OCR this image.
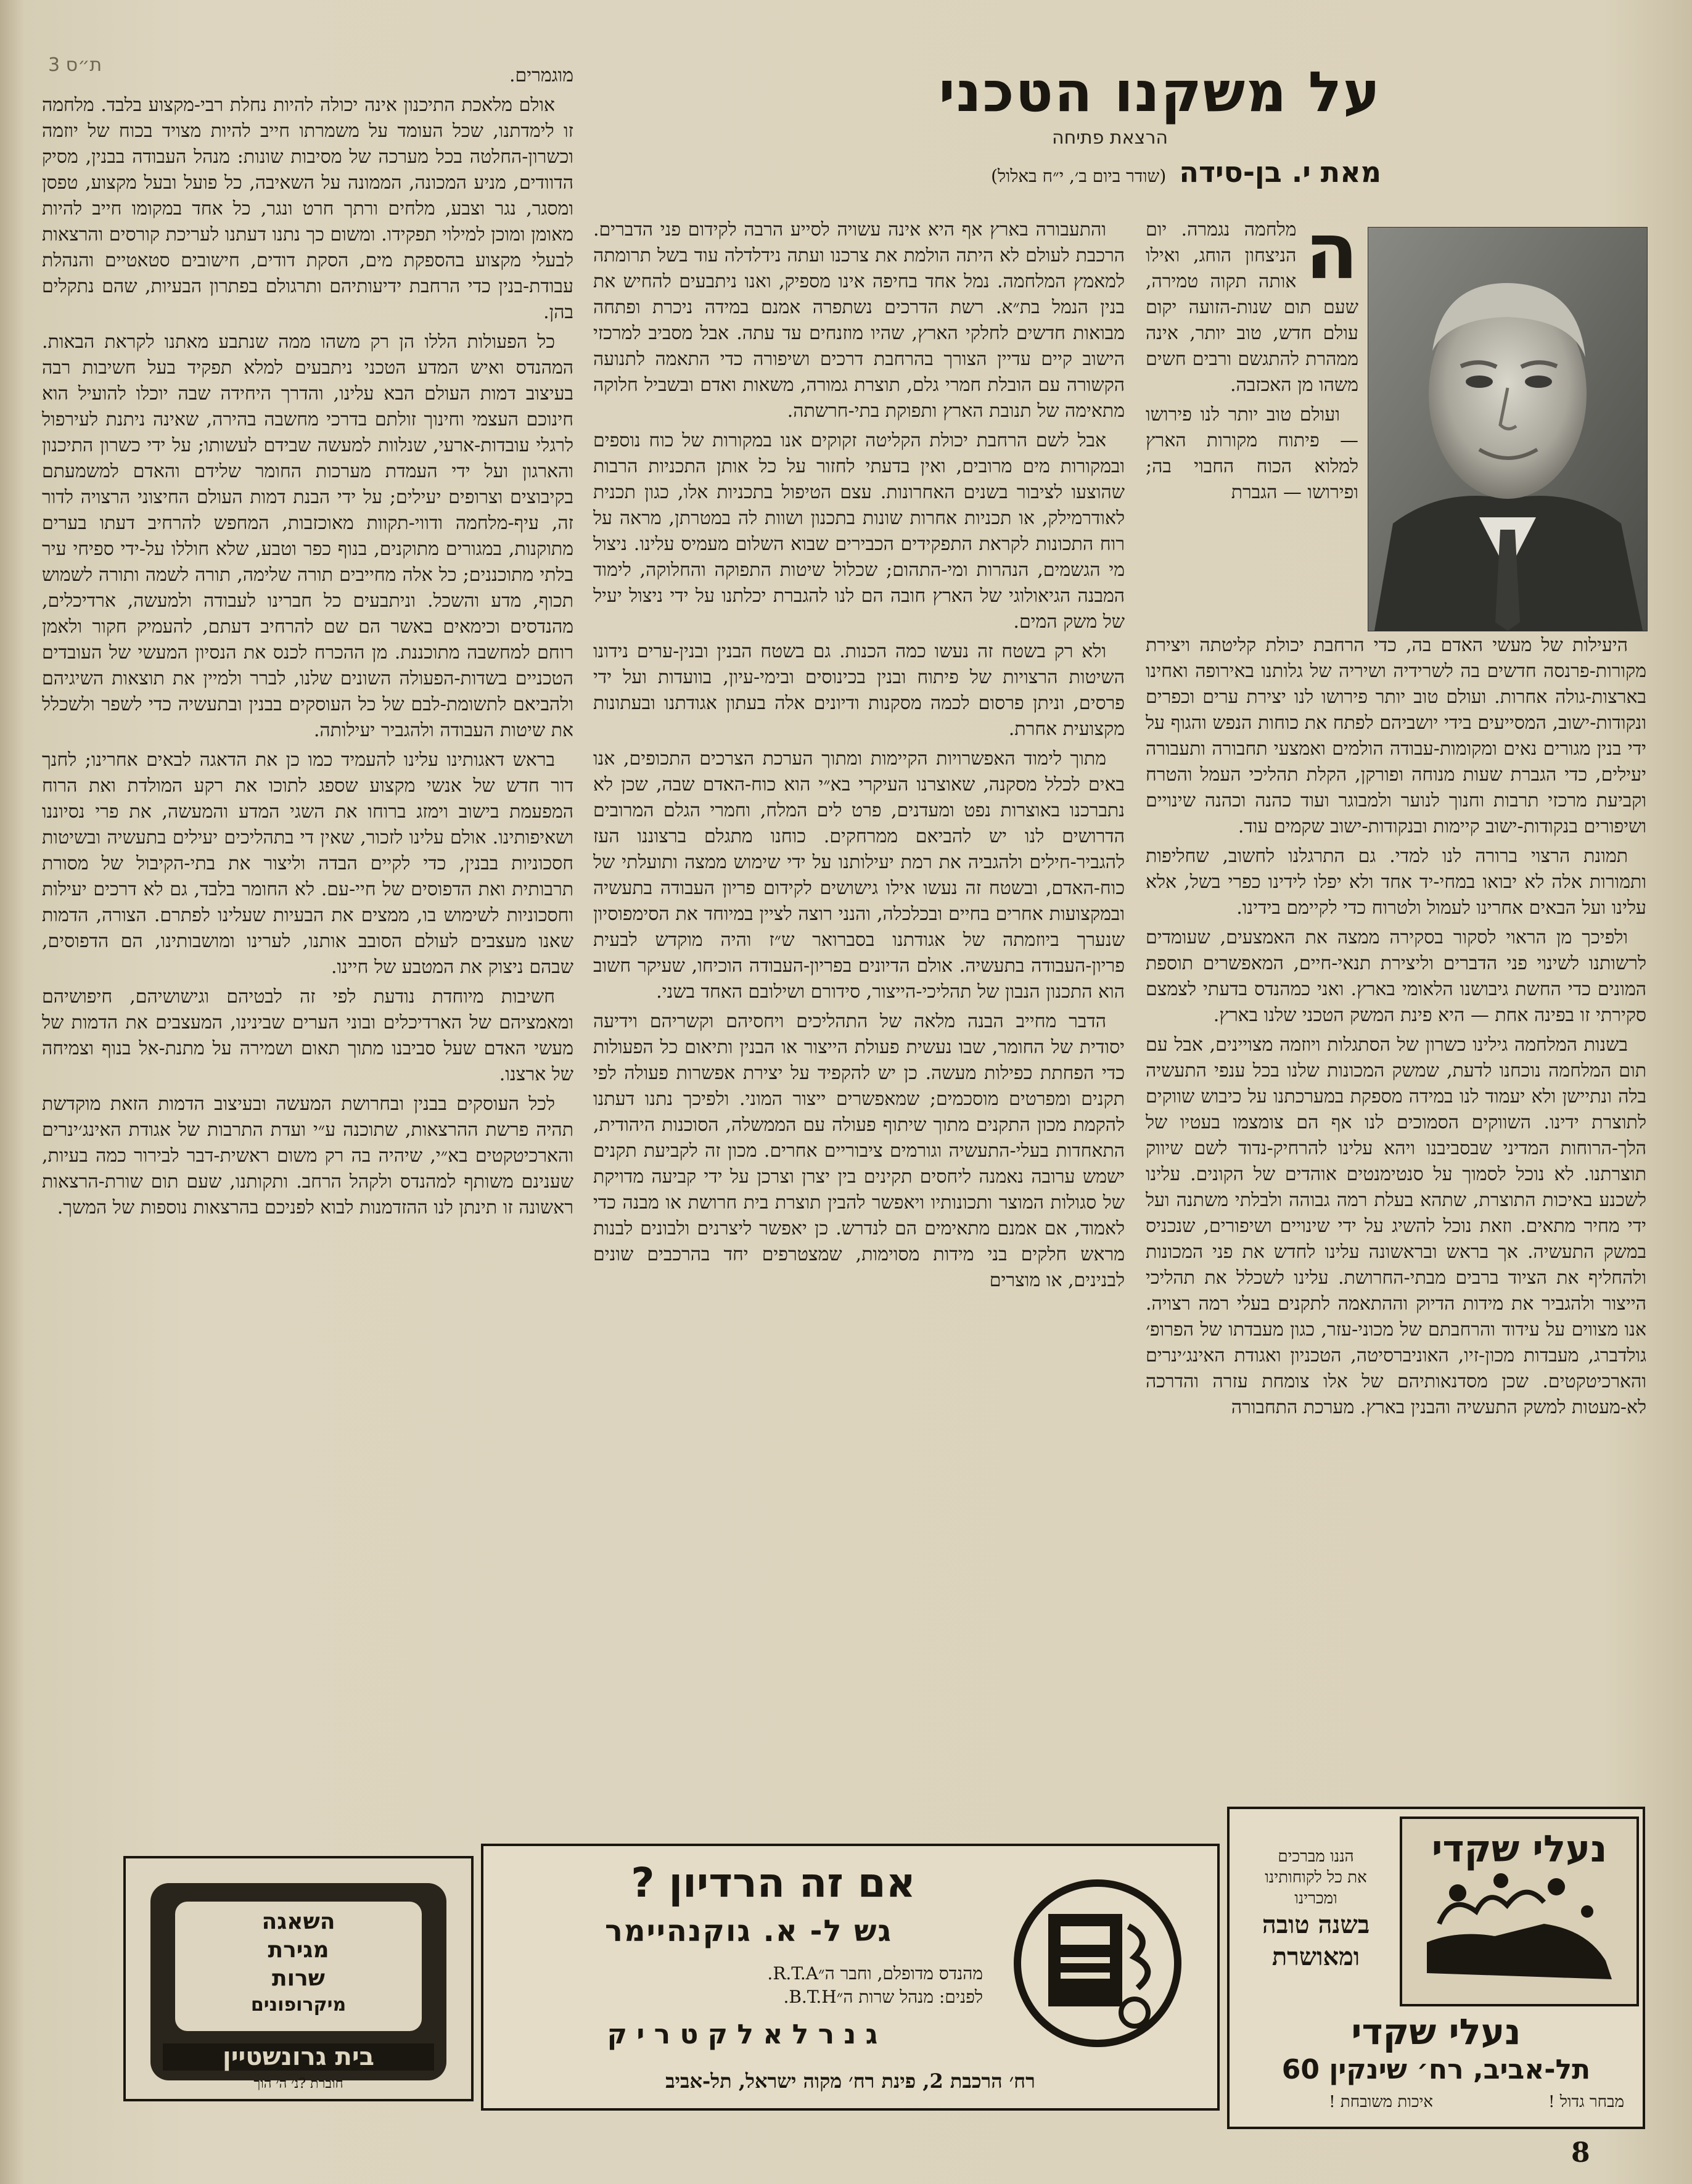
ת״ס 3	על משקנו הטכני
הרצאת פתיחה
מאת י. בן-סידה (שודר ביום ב׳, י״ח באלול)

ה
מלחמה נגמרה. יום הניצחון הוחג, ואילו אותה תקוה טמירה, שעם תום שנות-הזועה יקום עולם חדש, טוב יותר, אינה ממהרת להתגשם ורבים חשים משהו מן האכזבה.

ועולם טוב יותר לנו פירושו — פיתוח מקורות הארץ למלוא הכוח החבוי בה; ופירושו — הגברת

היעילות של מעשי האדם בה, כדי הרחבת יכולת קליטתה ויצירת מקורות-פרנסה חדשים בה לשרידיה ושיריה של גלותנו באירופה ואחינו בארצות-גולה אחרות. ועולם טוב יותר פירושו לנו יצירת ערים וכפרים ונקודות-ישוב, המסייעים בידי יושביהם לפתח את כוחות הנפש והגוף על ידי בנין מגורים נאים ומקומות-עבודה הולמים ואמצעי תחבורה ותעבורה יעילים, כדי הגברת שעות מנוחה ופורקן, הקלת תהליכי העמל והטרח וקביעת מרכזי תרבות וחנוך לנוער ולמבוגר ועוד כהנה וכהנה שינויים ושיפורים בנקודות-ישוב קיימות ובנקודות-ישוב שקמים עוד.

תמונת הרצוי ברורה לנו למדי. גם התרגלנו לחשוב, שחליפות ותמורות אלה לא יבואו במחי-יד אחד ולא יפלו לידינו כפרי בשל, אלא עלינו ועל הבאים אחרינו לעמול ולטרוח כדי לקיימם בידינו.

ולפיכך מן הראוי לסקור בסקירה ממצה את האמצעים, שעומדים לרשותנו לשינוי פני הדברים וליצירת תנאי-חיים, המאפשרים תוספת המונים כדי החשת גיבושנו הלאומי בארץ. ואני כמהנדס בדעתי לצמצם סקירתי זו בפינה אחת — היא פינת המשק הטכני שלנו בארץ.

בשנות המלחמה גילינו כשרון של הסתגלות ויוזמה מצויינים, אבל עם תום המלחמה נוכחנו לדעת, שמשק המכונות שלנו בכל ענפי התעשיה בלה ונתיישן ולא יעמוד לנו במידה מספקת במערכתנו על כיבוש שווקים לתוצרת ידינו. השווקים הסמוכים לנו אף הם צומצמו בעטיו של הלך-הרוחות המדיני שבסביבנו ויהא עלינו להרחיק-נדוד לשם שיווק תוצרתנו. לא נוכל לסמוך על סנטימנטים אוהדים של הקונים. עלינו לשכנע באיכות התוצרת, שתהא בעלת רמה גבוהה ולבלתי משתנה ועל ידי מחיר מתאים. וזאת נוכל להשיג על ידי שינויים ושיפורים, שנכניס במשק התעשיה. אך בראש ובראשונה עלינו לחדש את פני המכונות ולהחליף את הציוד ברבים מבתי-החרושת. עלינו לשכלל את תהליכי הייצור ולהגביר את מידות הדיוק וההתאמה לתקנים בעלי רמה רצויה. אנו מצווים על עידוד והרחבתם של מכוני-עזר, כגון מעבדתו של הפרופ׳ גולדברג, מעבדות מכון-זיו, האוניברסיטה, הטכניון ואגודת האינג׳ינרים והארכיטקטים. שכן מסדנאותיהם של אלו צומחת עזרה והדרכה לא-מעטות למשק התעשיה והבנין בארץ. מערכת התחבורה

והתעבורה בארץ אף היא אינה עשויה לסייע הרבה לקידום פני הדברים. הרכבת לעולם לא היתה הולמת את צרכנו ועתה נידלדלה עוד בשל תרומתה למאמץ המלחמה. נמל אחד בחיפה אינו מספיק, ואנו ניתבעים להחיש את בנין הנמל בת״א. רשת הדרכים נשתפרה אמנם במידה ניכרת ופתחה מבואות חדשים לחלקי הארץ, שהיו מוזנחים עד עתה. אבל מסביב למרכזי הישוב קיים עדיין הצורך בהרחבת דרכים ושיפורה כדי התאמה לתנועה הקשורה עם הובלת חמרי גלם, תוצרת גמורה, משאות ואדם ובשביל חלוקה מתאימה של תנובת הארץ ותפוקת בתי-חרשתה.

אבל לשם הרחבת יכולת הקליטה זקוקים אנו במקורות של כוח נוספים ובמקורות מים מרובים, ואין בדעתי לחזור על כל אותן התכניות הרבות שהוצעו לציבור בשנים האחרונות. עצם הטיפול בתכניות אלו, כגון תכנית לאודרמילק, או תכניות אחרות שונות בתכנון ושוות לה במטרתן, מראה על רוח התכונות לקראת התפקידים הכבירים שבוא השלום מעמיס עלינו. ניצול מי הגשמים, הנהרות ומי-התהום; שכלול שיטות התפוקה והחלוקה, לימוד המבנה הגיאולוגי של הארץ חובה הם לנו להגברת יכלתנו על ידי ניצול יעיל של משק המים.

ולא רק בשטח זה נעשו כמה הכנות. גם בשטח הבנין ובנין-ערים נידונו השיטות הרצויות של פיתוח ובנין בכינוסים ובימי-עיון, בוועדות ועל ידי פרסים, וניתן פרסום לכמה מסקנות ודיונים אלה בעתון אגודתנו ובעתונות מקצועית אחרת.

מתוך לימוד האפשרויות הקיימות ומתוך הערכת הצרכים התכופים, אנו באים לכלל מסקנה, שאוצרנו העיקרי בא״י הוא כוח-האדם שבה, שכן לא נתברכנו באוצרות נפט ומעדנים, פרט לים המלח, וחמרי הגלם המרובים הדרושים לנו יש להביאם ממרחקים. כוחנו מתגלם ברצוננו העז להגביר-חילים ולהגביה את רמת יעילותנו על ידי שימוש ממצה ותועלתי של כוח-האדם, ובשטח זה נעשו אילו גישושים לקידום פריון העבודה בתעשיה ובמקצועות אחרים בחיים ובכלכלה, והנני רוצה לציין במיוחד את הסימפוסיון שנערך ביוזמתה של אגודתנו בסברואר ש״ז והיה מוקדש לבעית פריון-העבודה בתעשיה. אולם הדיונים בפריון-העבודה הוכיחו, שעיקר חשוב הוא התכנון הנבון של תהליכי-הייצור, סידורם ושילובם האחד בשני.

הדבר מחייב הבנה מלאה של התהליכים ויחסיהם וקשריהם וידיעה יסודית של החומר, שבו נעשית פעולת הייצור או הבנין ותיאום כל הפעולות כדי הפחתת כפילות מעשה. כן יש להקפיד על יצירת אפשרות פעולה לפי תקנים ומפרטים מוסכמים; שמאפשרים ייצור המוני. ולפיכך נתנו דעתנו להקמת מכון התקנים מתוך שיתוף פעולה עם הממשלה, הסוכנות היהודית, התאחדות בעלי-התעשיה וגורמים ציבוריים אחרים. מכון זה לקביעת תקנים ישמש ערובה נאמנה ליחסים תקינים בין יצרן וצרכן על ידי קביעה מדויקת של סגולות המוצר ותכונותיו ויאפשר להבין תוצרת בית חרושת או מבנה כדי לאמוד, אם אמנם מתאימים הם לנדרש. כן יאפשר ליצרנים ולבונים לבנות מראש חלקים בני מידות מסוימות, שמצטרפים יחד בהרכבים שונים לבנינים, או מוצרים

מוגמרים.

אולם מלאכת התיכנון אינה יכולה להיות נחלת רבי-מקצוע בלבד. מלחמה זו לימדתנו, שכל העומד על משמרתו חייב להיות מצויד בכוח של יוזמה וכשרון-החלטה בכל מערכה של מסיבות שונות: מנהל העבודה בבנין, מסיק הדוודים, מניע המכונה, הממונה על השאיבה, כל פועל ובעל מקצוע, טפסן ומסגר, נגר וצבע, מלחים ורתך חרט ונגר, כל אחד במקומו חייב להיות מאומן ומוכן למילוי תפקידו. ומשום כך נתנו דעתנו לעריכת קורסים והרצאות לבעלי מקצוע בהספקת מים, הסקת דודים, חישובים סטאטיים והנהלת עבודת-בנין כדי הרחבת ידיעותיהם ותרגולם בפתרון הבעיות, שהם נתקלים בהן.

כל הפעולות הללו הן רק משהו ממה שנתבע מאתנו לקראת הבאות. המהנדס ואיש המדע הטכני ניתבעים למלא תפקיד בעל חשיבות רבה בעיצוב דמות העולם הבא עלינו, והדרך היחידה שבה יוכלו להועיל הוא חינוכם העצמי וחינוך זולתם בדרכי מחשבה בהירה, שאינה ניתנת לעירפול לרגלי עובדות-ארעי, שנלוות למעשה שבידם לעשותו; על ידי כשרון התיכנון והארגון ועל ידי העמדת מערכות החומר שלידם והאדם למשמעתם בקיבוצים וצרופים יעילים; על ידי הבנת דמות העולם החיצוני הרצויה לדור זה, עיף-מלחמה ודווי-תקוות מאוכזבות, המחפש להרחיב דעתו בערים מתוקנות, במגורים מתוקנים, בנוף כפר וטבע, שלא חוללו על-ידי ספיחי עיר בלתי מתוכננים; כל אלה מחייבים תורה שלימה, תורה לשמה ותורה לשמוש תכוף, מדע והשכל. וניתבעים כל חברינו לעבודה ולמעשה, ארדיכלים, מהנדסים וכימאים באשר הם שם להרחיב דעתם, להעמיק חקור ולאמן רוחם למחשבה מתוכננת. מן ההכרח לכנס את הנסיון המעשי של העובדים הטכניים בשדות-הפעולה השונים שלנו, לברר ולמיין את תוצאות השיגיהם ולהביאם לתשומת-לבם של כל העוסקים בבנין ובתעשיה כדי לשפר ולשכלל את שיטות העבודה ולהגביר יעילותה.

בראש דאגותינו עלינו להעמיד כמו כן את הדאגה לבאים אחרינו; לחנך דור חדש של אנשי מקצוע שספג לתוכו את רקע המולדת ואת הרוח המפעמת בישוב וימזג ברוחו את השגי המדע והמעשה, את פרי נסיוננו ושאיפותינו. אולם עלינו לזכור, שאין די בתהליכים יעילים בתעשיה ובשיטות חסכוניות בבנין, כדי לקיים הבדה וליצור את בתי-הקיבול של מסורת תרבותית ואת הדפוסים של חיי-עם. לא החומר בלבד, גם לא דרכים יעילות וחסכוניות לשימוש בו, ממצים את הבעיות שעלינו לפתרם. הצורה, הדמות שאנו מעצבים לעולם הסובב אותנו, לערינו ומושבותינו, הם הדפוסים, שבהם ניצוק את המטבע של חיינו.

חשיבות מיוחדת נודעת לפי זה לבטיהם וגישושיהם, חיפושיהם ומאמציהם של הארדיכלים ובוני הערים שבינינו, המעצבים את הדמות של מעשי האדם שעל סביבנו מתוך תאום ושמירה על מתנת-אל בנוף וצמיחה של ארצנו.

לכל העוסקים בבנין ובחרושת המעשה ובעיצוב הדמות הזאת מוקדשת תהיה פרשת ההרצאות, שתוכנה ע״י ועדת התרבות של אגודת האינג׳ינרים והארכיטקטים בא״י, שיהיה בה רק משום ראשית-דבר לבירור כמה בעיות, שענינם משותף למהנדס ולקהל הרחב. ותקותנו, שעם תום שורת-הרצאות ראשונה זו תינתן לנו ההזדמנות לבוא לפניכם בהרצאות נוספות של המשך.

נעלי שקדי
הננו מברכים
את כל לקוחותינו
ומכרינו
בשנה טובה
ומאושרת
נעלי שקדי
תל-אביב, רח׳ שינקין 60
מבחר גדול !
איכות משובחת !
אם זה הרדיון ?
גש ל- א. גוקנהיימר
מהנדס מדופלם, וחבר ה״R.T.A.
לפנים: מנהל שרות ה״B.T.H.
ג נ ר ל א ל ק ט ר י ק
רח׳ הרכבת 2, פינת רח׳ מקוה ישראל, תל-אביב
השאגה
מגירת
שרות
מיקרופונים
בית גרונשטיין
חוברת ?נ׳ ה׳ הוך
8
